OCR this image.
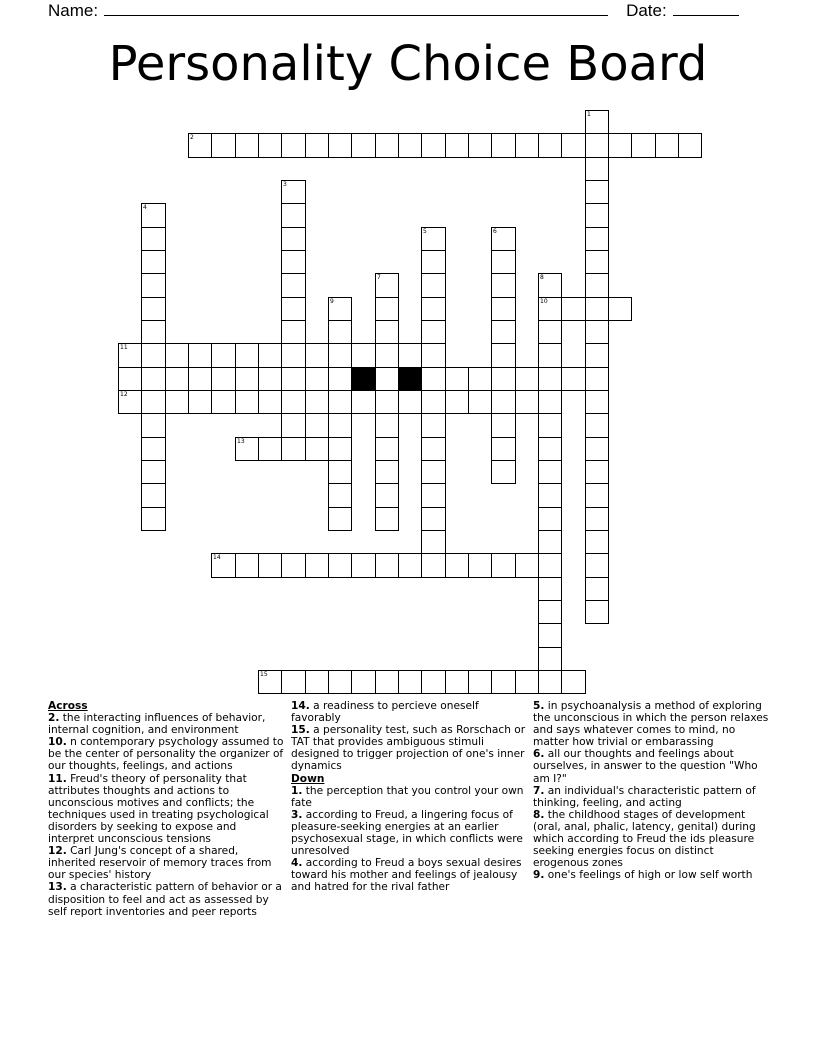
Name:	Date:
Personality Choice Board
1
2
3
4
5	6
7	8
9	10
11
12
13
14
15
Across
2. the interacting influences of behavior, internal cognition, and environment
10. n contemporary psychology assumed to be the center of personality the organizer of our thoughts, feelings, and actions
11. Freud's theory of personality that attributes thoughts and actions to unconscious motives and conflicts; the techniques used in treating psychological disorders by seeking to expose and interpret unconscious tensions
12. Carl Jung's concept of a shared, inherited reservoir of memory traces from our species' history
13. a characteristic pattern of behavior or a disposition to feel and act as assessed by self report inventories and peer reports
14. a readiness to percieve oneself favorably
15. a personality test, such as Rorschach or TAT that provides ambiguous stimuli designed to trigger projection of one's inner dynamics
Down
1. the perception that you control your own fate
3. according to Freud, a lingering focus of pleasure-seeking energies at an earlier psychosexual stage, in which conflicts were unresolved
4. according to Freud a boys sexual desires toward his mother and feelings of jealousy and hatred for the rival father
5. in psychoanalysis a method of exploring the unconscious in which the person relaxes and says whatever comes to mind, no matter how trivial or embarassing
6. all our thoughts and feelings about ourselves, in answer to the question "Who am I?"
7. an individual's characteristic pattern of thinking, feeling, and acting
8. the childhood stages of development (oral, anal, phalic, latency, genital) during which according to Freud the ids pleasure seeking energies focus on distinct erogenous zones
9. one's feelings of high or low self worth
